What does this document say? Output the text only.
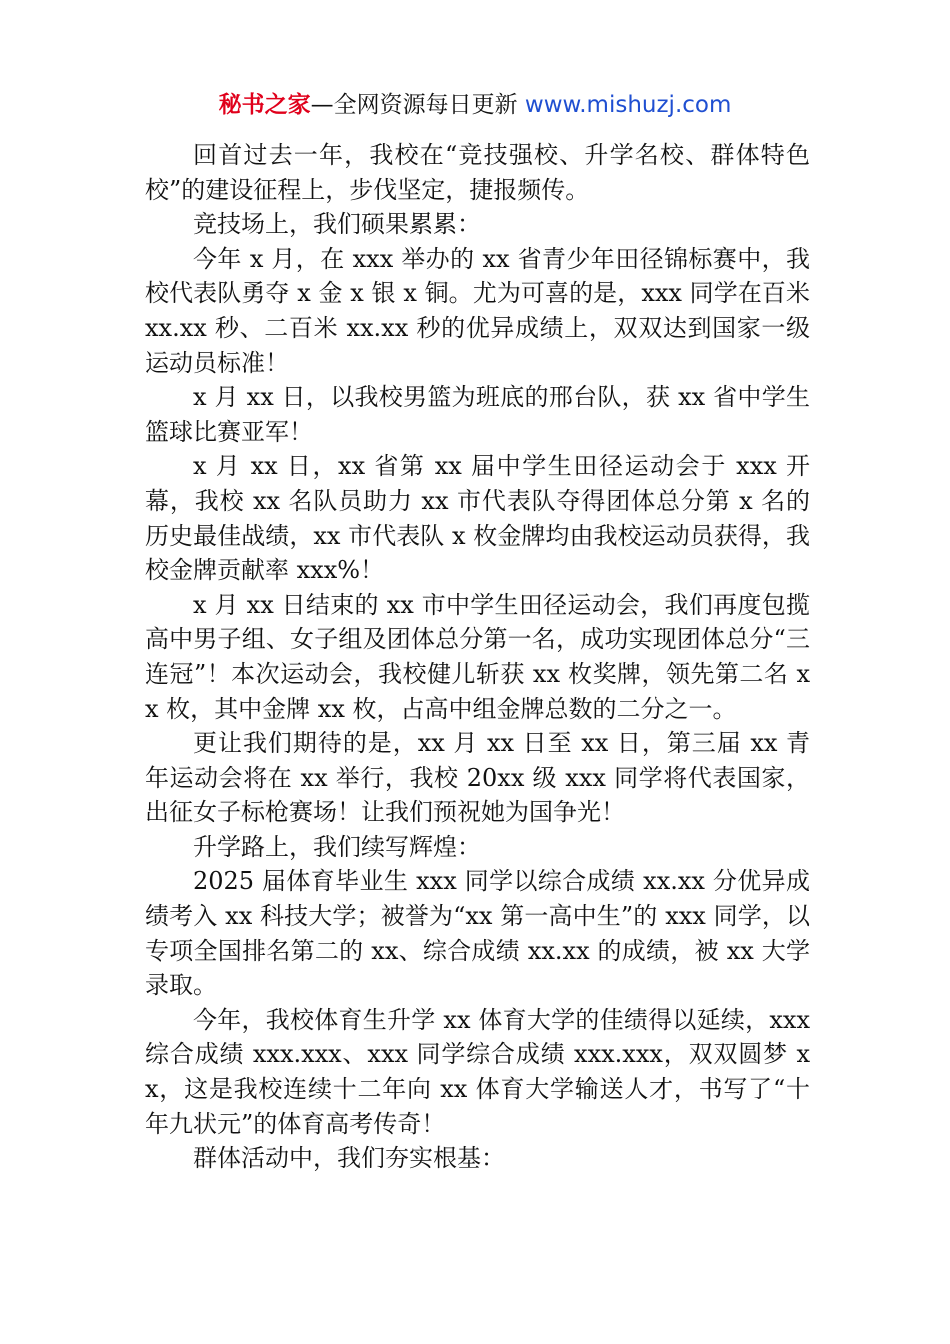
秘书之家—全网资源每日更新 www.mishuzj.com

回首过去一年，我校在“竞技强校、升学名校、群体特色校”的建设征程上，步伐坚定，捷报频传。

竞技场上，我们硕果累累：

今年 x 月，在 xxx 举办的 xx 省青少年田径锦标赛中，我校代表队勇夺 x 金 x 银 x 铜。尤为可喜的是，xxx 同学在百米 xx.xx 秒、二百米 xx.xx 秒的优异成绩上，双双达到国家一级运动员标准！

x 月 xx 日，以我校男篮为班底的邢台队，获 xx 省中学生篮球比赛亚军！

x 月 xx 日，xx 省第 xx 届中学生田径运动会于 xxx 开幕，我校 xx 名队员助力 xx 市代表队夺得团体总分第 x 名的历史最佳战绩，xx 市代表队 x 枚金牌均由我校运动员获得，我校金牌贡献率 xxx%！

x 月 xx 日结束的 xx 市中学生田径运动会，我们再度包揽高中男子组、女子组及团体总分第一名，成功实现团体总分“三连冠”！本次运动会，我校健儿斩获 xx 枚奖牌，领先第二名 xx 枚，其中金牌 xx 枚，占高中组金牌总数的二分之一。

更让我们期待的是，xx 月 xx 日至 xx 日，第三届 xx 青年运动会将在 xx 举行，我校 20xx 级 xxx 同学将代表国家，出征女子标枪赛场！让我们预祝她为国争光！

升学路上，我们续写辉煌：

2025 届体育毕业生 xxx 同学以综合成绩 xx.xx 分优异成绩考入 xx 科技大学；被誉为“xx 第一高中生”的 xxx 同学，以专项全国排名第二的 xx、综合成绩 xx.xx 的成绩，被 xx 大学录取。

今年，我校体育生升学 xx 体育大学的佳绩得以延续，xxx 综合成绩 xxx.xxx、xxx 同学综合成绩 xxx.xxx，双双圆梦 xx，这是我校连续十二年向 xx 体育大学输送人才，书写了“十年九状元”的体育高考传奇！

群体活动中，我们夯实根基：
